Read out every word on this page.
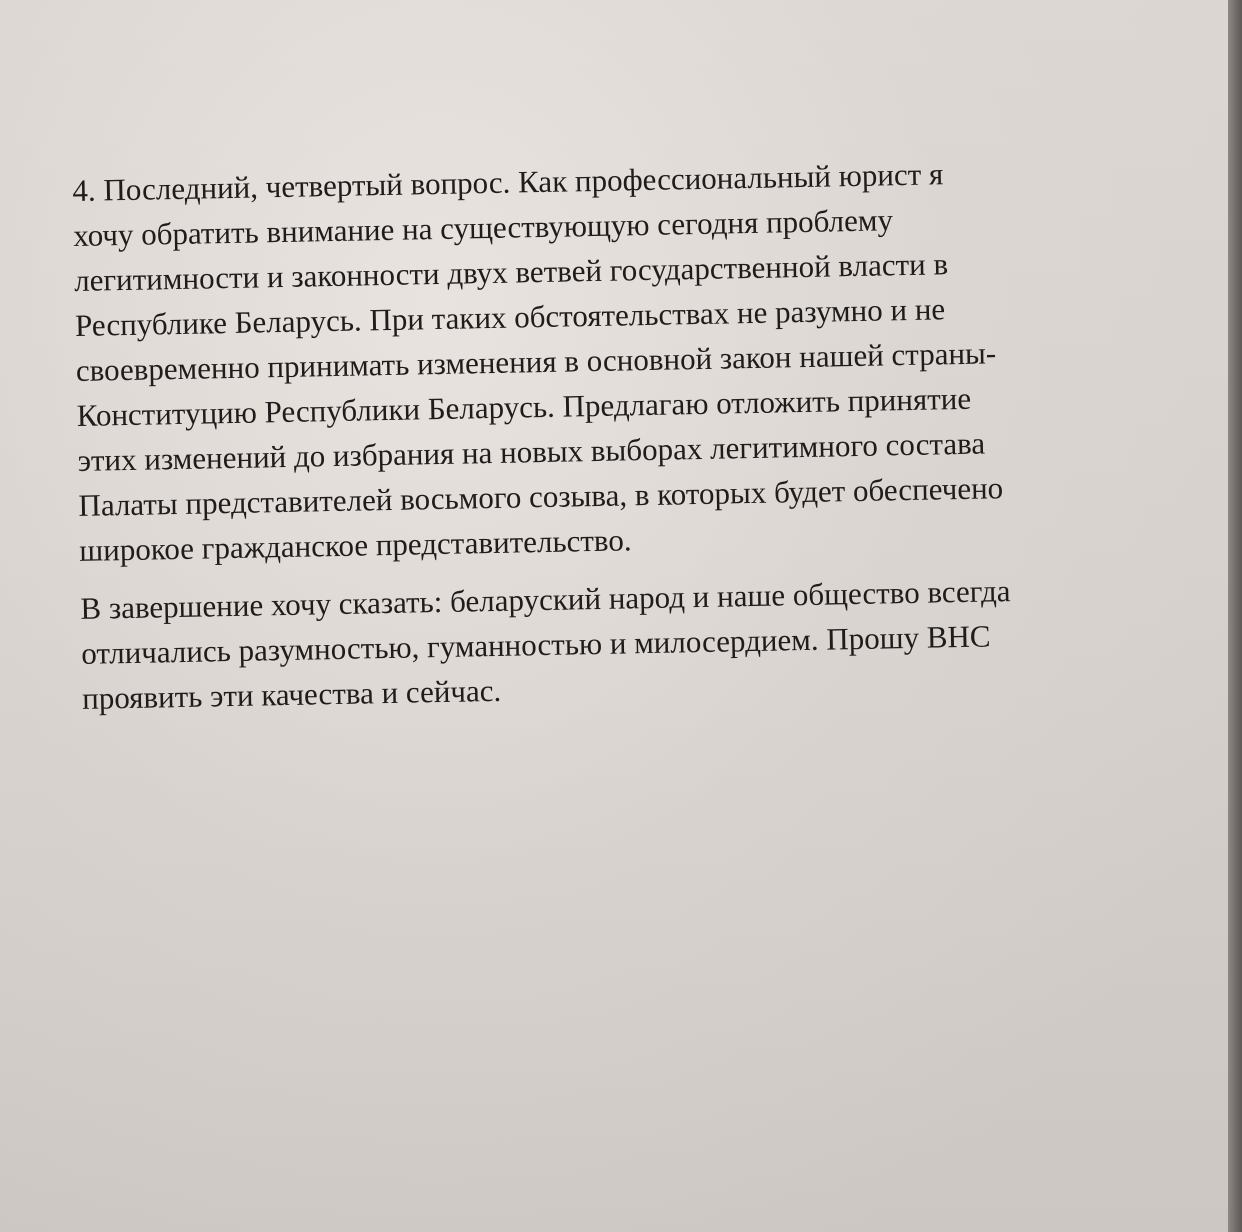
4. Последний, четвертый вопрос. Как профессиональный юрист я
хочу обратить внимание на существующую сегодня проблему
легитимности и законности двух ветвей государственной власти в
Республике Беларусь. При таких обстоятельствах не разумно и не
своевременно принимать изменения в основной закон нашей страны-
Конституцию Республики Беларусь. Предлагаю отложить принятие
этих изменений до избрания на новых выборах легитимного состава
Палаты представителей восьмого созыва, в которых будет обеспечено
широкое гражданское представительство.
В завершение хочу сказать: беларуский народ и наше общество всегда
отличались разумностью, гуманностью и милосердием. Прошу ВНС
проявить эти качества и сейчас.
